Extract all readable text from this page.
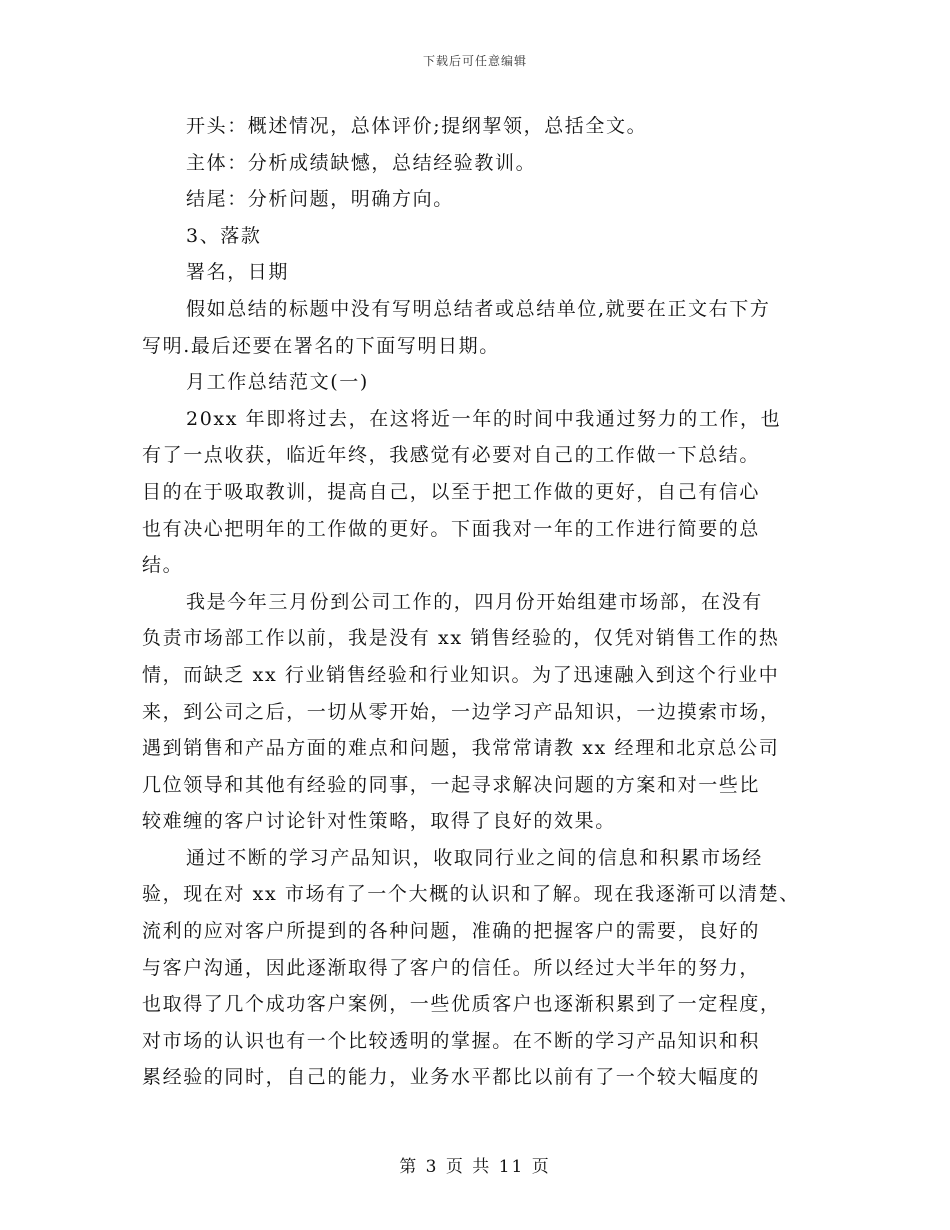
下载后可任意编辑
开头：概述情况，总体评价;提纲挈领，总括全文。
主体：分析成绩缺憾，总结经验教训。
结尾：分析问题，明确方向。
3、落款
署名，日期
假如总结的标题中没有写明总结者或总结单位,就要在正文右下方
写明.最后还要在署名的下面写明日期。
月工作总结范文(一)
20xx 年即将过去，在这将近一年的时间中我通过努力的工作，也
有了一点收获，临近年终，我感觉有必要对自己的工作做一下总结。
目的在于吸取教训，提高自己，以至于把工作做的更好，自己有信心
也有决心把明年的工作做的更好。下面我对一年的工作进行简要的总
结。
我是今年三月份到公司工作的，四月份开始组建市场部，在没有
负责市场部工作以前，我是没有 xx 销售经验的，仅凭对销售工作的热
情，而缺乏 xx 行业销售经验和行业知识。为了迅速融入到这个行业中
来，到公司之后，一切从零开始，一边学习产品知识，一边摸索市场，
遇到销售和产品方面的难点和问题，我常常请教 xx 经理和北京总公司
几位领导和其他有经验的同事，一起寻求解决问题的方案和对一些比
较难缠的客户讨论针对性策略，取得了良好的效果。
通过不断的学习产品知识，收取同行业之间的信息和积累市场经
验，现在对 xx 市场有了一个大概的认识和了解。现在我逐渐可以清楚、
流利的应对客户所提到的各种问题，准确的把握客户的需要，良好的
与客户沟通，因此逐渐取得了客户的信任。所以经过大半年的努力，
也取得了几个成功客户案例，一些优质客户也逐渐积累到了一定程度，
对市场的认识也有一个比较透明的掌握。在不断的学习产品知识和积
累经验的同时，自己的能力，业务水平都比以前有了一个较大幅度的
第 3 页 共 11 页
